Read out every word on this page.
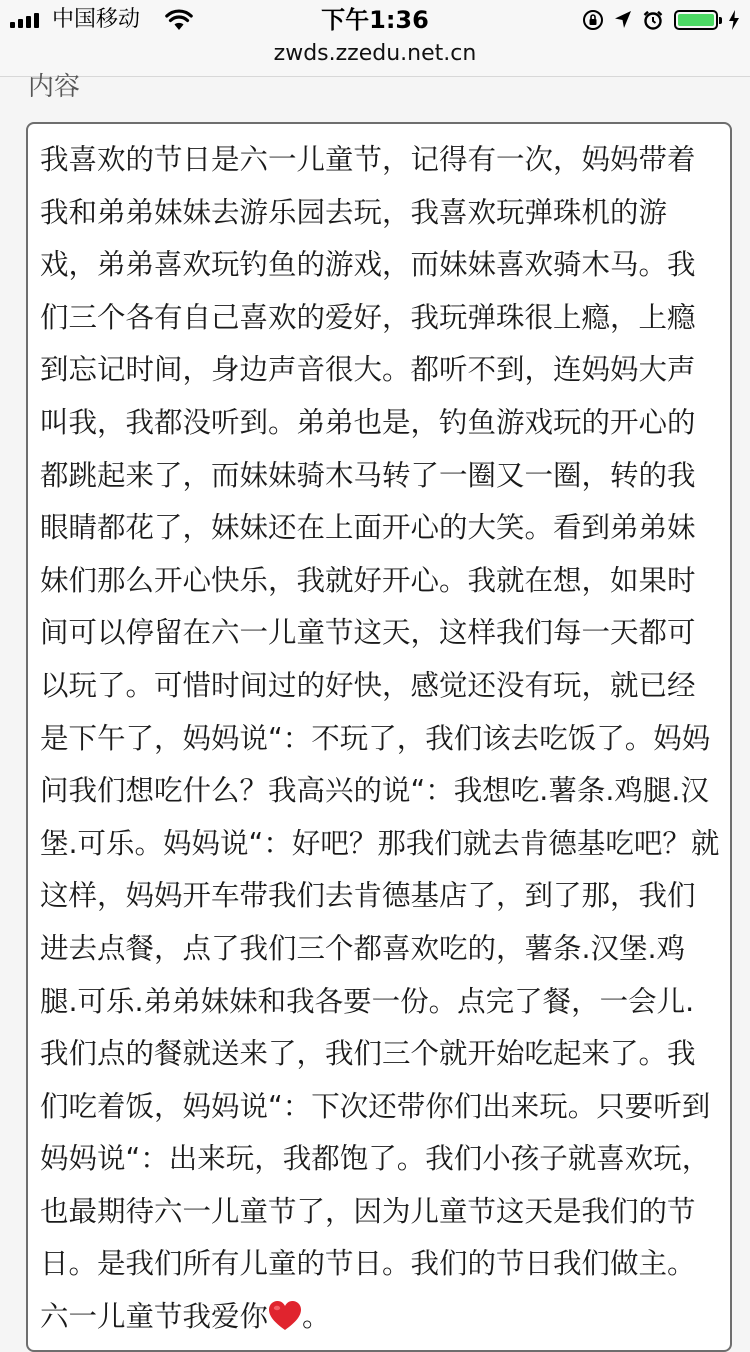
中国移动	下午1:36
zwds.zzedu.net.cn
内容

我喜欢的节日是六一儿童节，记得有一次，妈妈带着我和弟弟妹妹去游乐园去玩，我喜欢玩弹珠机的游戏，弟弟喜欢玩钓鱼的游戏，而妹妹喜欢骑木马。我们三个各有自己喜欢的爱好，我玩弹珠很上瘾，上瘾到忘记时间，身边声音很大。都听不到，连妈妈大声叫我，我都没听到。弟弟也是，钓鱼游戏玩的开心的都跳起来了，而妹妹骑木马转了一圈又一圈，转的我眼睛都花了，妹妹还在上面开心的大笑。看到弟弟妹妹们那么开心快乐，我就好开心。我就在想，如果时间可以停留在六一儿童节这天，这样我们每一天都可以玩了。可惜时间过的好快，感觉还没有玩，就已经是下午了，妈妈说“：不玩了，我们该去吃饭了。妈妈问我们想吃什么？我高兴的说“：我想吃.薯条.鸡腿.汉堡.可乐。妈妈说“：好吧？那我们就去肯德基吃吧？就这样，妈妈开车带我们去肯德基店了，到了那，我们进去点餐，点了我们三个都喜欢吃的，薯条.汉堡.鸡腿.可乐.弟弟妹妹和我各要一份。点完了餐，一会儿.我们点的餐就送来了，我们三个就开始吃起来了。我们吃着饭，妈妈说“：下次还带你们出来玩。只要听到妈妈说“：出来玩，我都饱了。我们小孩子就喜欢玩，也最期待六一儿童节了，因为儿童节这天是我们的节日。是我们所有儿童的节日。我们的节日我们做主。六一儿童节我爱你 。
